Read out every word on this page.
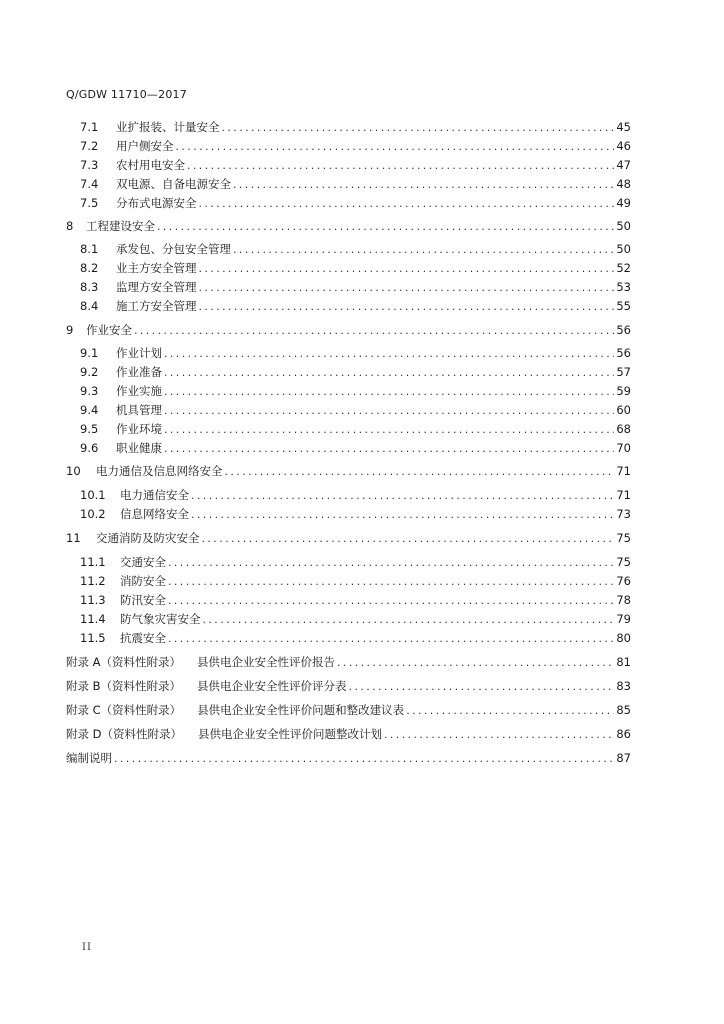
Q/GDW 11710—2017
7.1	业扩报装、计量安全 .....	45
7.2	用户侧安全 .....	46
7.3	农村用电安全 .....	47
7.4	双电源、自备电源安全 .....	48
7.5	分布式电源安全 .....	49
8	工程建设安全 .....	50
8.1	承发包、分包安全管理 .....	50
8.2	业主方安全管理 .....	52
8.3	监理方安全管理 .....	53
8.4	施工方安全管理 .....	55
9	作业安全 .....	56
9.1	作业计划 .....	56
9.2	作业准备 .....	57
9.3	作业实施 .....	59
9.4	机具管理 .....	60
9.5	作业环境 .....	68
9.6	职业健康 .....	70
10	电力通信及信息网络安全 .....	71
10.1	电力通信安全 .....	71
10.2	信息网络安全 .....	73
11	交通消防及防灾安全 .....	75
11.1	交通安全 .....	75
11.2	消防安全 .....	76
11.3	防汛安全 .....	78
11.4	防气象灾害安全 .....	79
11.5	抗震安全 .....	80
附录 A（资料性附录） 县供电企业安全性评价报告 .....	81
附录 B（资料性附录） 县供电企业安全性评价评分表 .....	83
附录 C（资料性附录） 县供电企业安全性评价问题和整改建议表 .....	85
附录 D（资料性附录） 县供电企业安全性评价问题整改计划 .....	86
编制说明 .....	87
II
